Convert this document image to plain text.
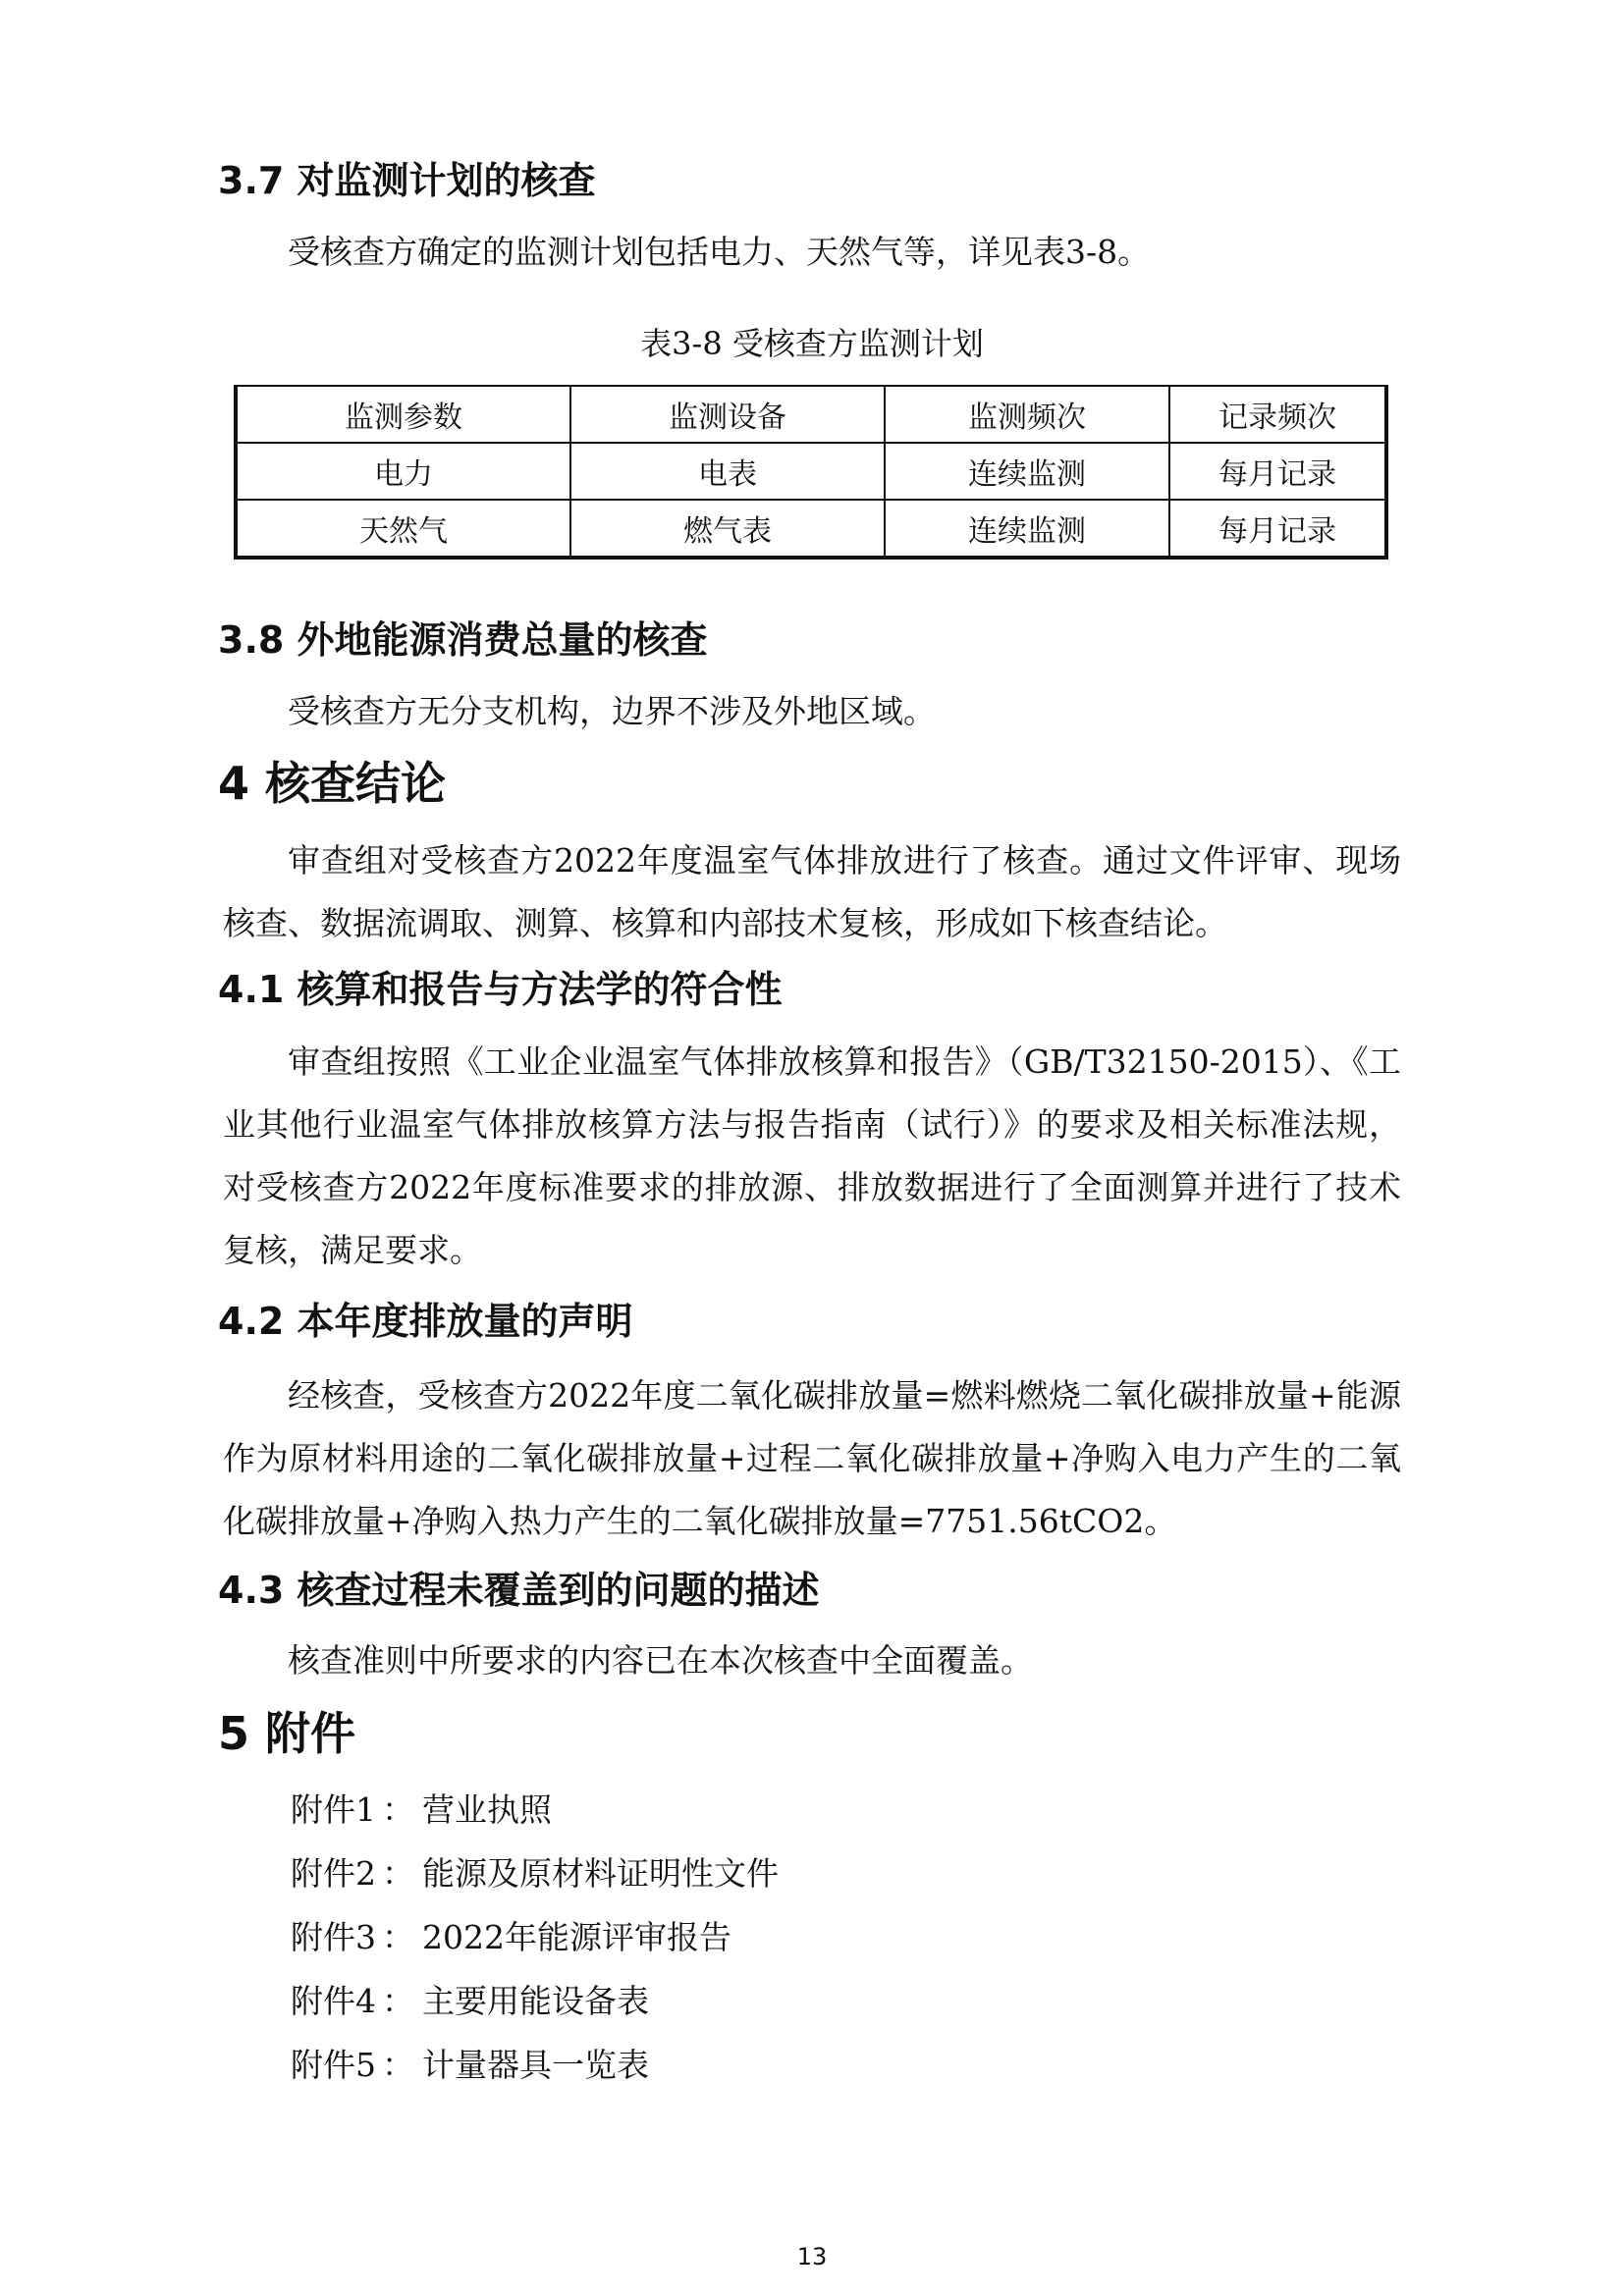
3.7 对监测计划的核查

受核查方确定的监测计划包括电力、天然气等，详见表3-8。

表3-8 受核查方监测计划

监测参数	监测设备	监测频次	记录频次
电力	电表	连续监测	每月记录
天然气	燃气表	连续监测	每月记录
3.8 外地能源消费总量的核查

受核查方无分支机构，边界不涉及外地区域。

4 核查结论

审查组对受核查方2022年度温室气体排放进行了核查。通过文件评审、现场核查、数据流调取、测算、核算和内部技术复核，形成如下核查结论。

4.1 核算和报告与方法学的符合性

审查组按照《工业企业温室气体排放核算和报告》（GB/T32150-2015）、《工业其他行业温室气体排放核算方法与报告指南（试行）》的要求及相关标准法规，对受核查方2022年度标准要求的排放源、排放数据进行了全面测算并进行了技术复核，满足要求。

4.2 本年度排放量的声明

经核查，受核查方2022年度二氧化碳排放量=燃料燃烧二氧化碳排放量+能源作为原材料用途的二氧化碳排放量+过程二氧化碳排放量+净购入电力产生的二氧化碳排放量+净购入热力产生的二氧化碳排放量=7751.56tCO2。

4.3 核查过程未覆盖到的问题的描述

核查准则中所要求的内容已在本次核查中全面覆盖。

5 附件

附件1 ： 营业执照

附件2 ： 能源及原材料证明性文件

附件3 ： 2022年能源评审报告

附件4 ： 主要用能设备表

附件5 ： 计量器具一览表

13
